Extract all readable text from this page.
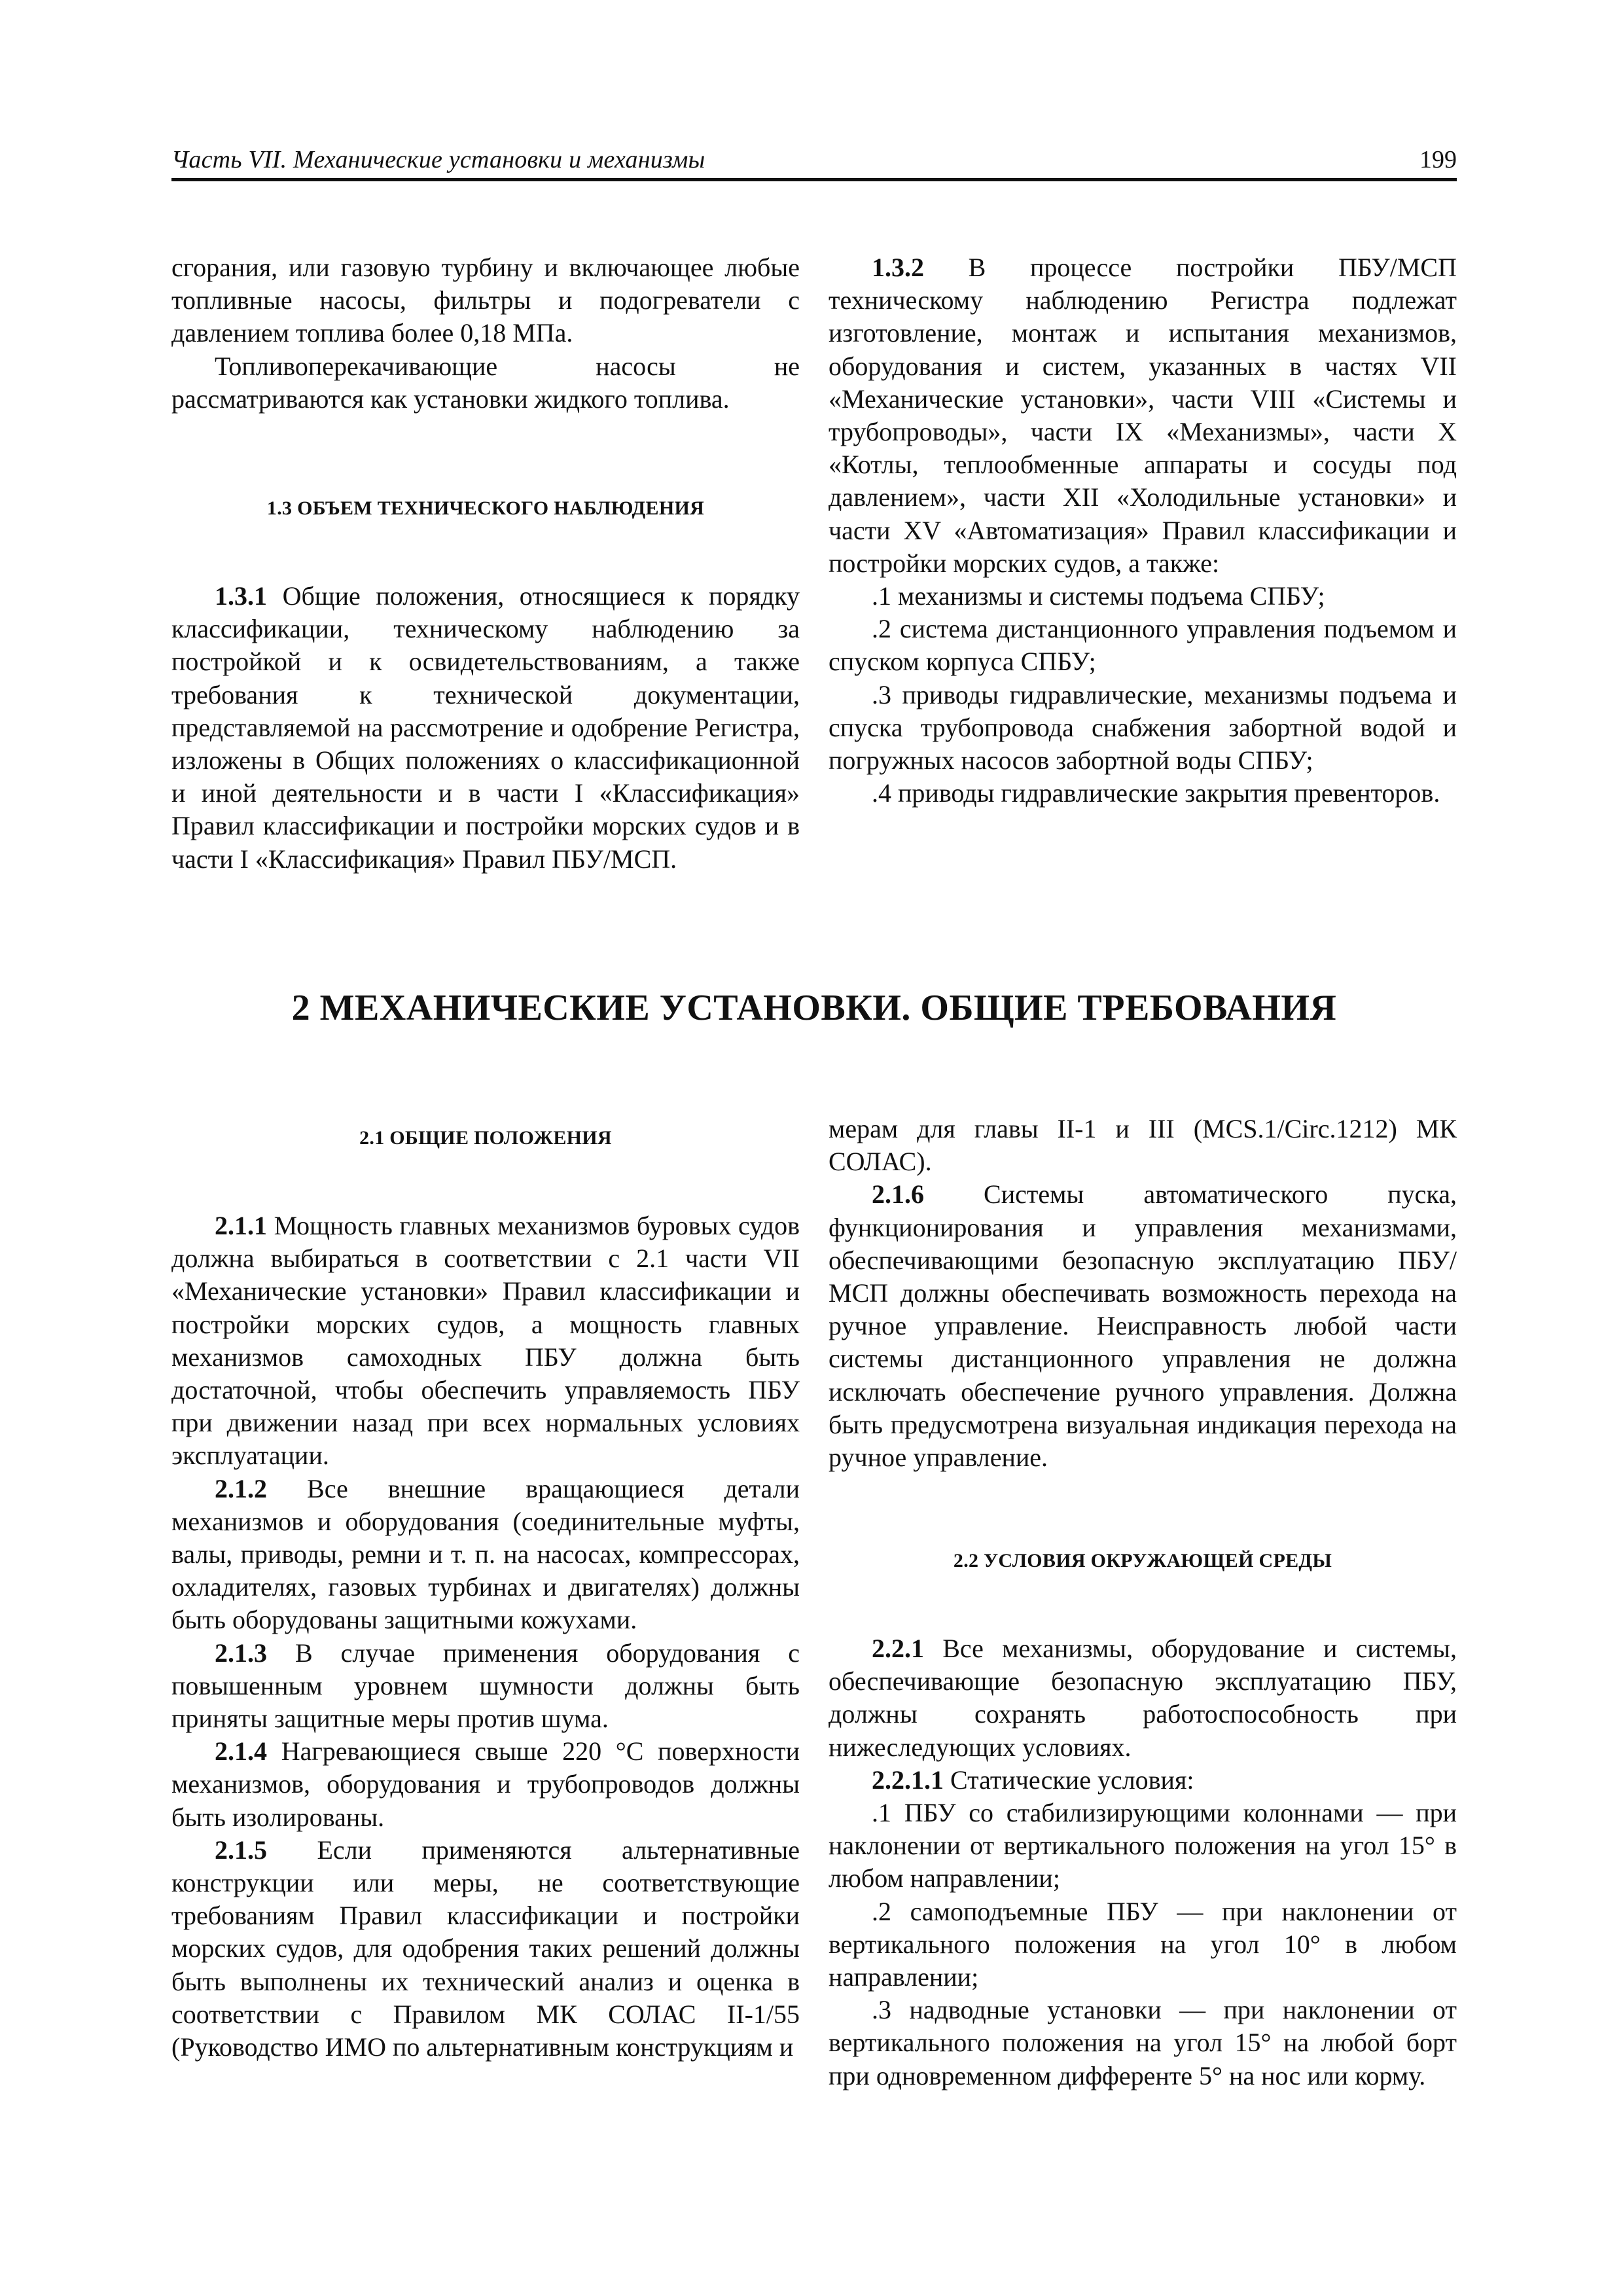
Часть VII. Механические установки и механизмы	199

сгорания, или газовую турбину и включающее любые топливные насосы, фильтры и подогреватели с давлением топлива более 0,18 МПа.

Топливоперекачивающие насосы не рассматриваются как установки жидкого топлива.

1.3 ОБЪЕМ ТЕХНИЧЕСКОГО НАБЛЮДЕНИЯ

1.3.1 Общие положения, относящиеся к порядку классификации, техническому наблюдению за постройкой и к освидетельствованиям, а также требования к технической документации, представляемой на рассмотрение и одобрение Регистра, изложены в Общих положениях о классификационной и иной деятельности и в части I «Классификация» Правил классификации и постройки морских судов и в части I «Классификация» Правил ПБУ/МСП.

1.3.2 В процессе постройки ПБУ/МСП техническому наблюдению Регистра подлежат изготовление, монтаж и испытания механизмов, оборудования и систем, указанных в частях VII «Механические установки», части VIII «Системы и трубопроводы», части IX «Механизмы», части X «Котлы, теплообменные аппараты и сосуды под давлением», части XII «Холодильные установки» и части XV «Автоматизация» Правил классификации и постройки морских судов, а также:

.1 механизмы и системы подъема СПБУ;

.2 система дистанционного управления подъемом и спуском корпуса СПБУ;

.3 приводы гидравлические, механизмы подъема и спуска трубопровода снабжения забортной водой и погружных насосов забортной воды СПБУ;

.4 приводы гидравлические закрытия превенторов.

2 МЕХАНИЧЕСКИЕ УСТАНОВКИ. ОБЩИЕ ТРЕБОВАНИЯ
2.1 ОБЩИЕ ПОЛОЖЕНИЯ

2.1.1 Мощность главных механизмов буровых судов должна выбираться в соответствии с 2.1 части VII «Механические установки» Правил классификации и постройки морских судов, а мощность главных механизмов самоходных ПБУ должна быть достаточной, чтобы обеспечить управляемость ПБУ при движении назад при всех нормальных условиях эксплуатации.

2.1.2 Все внешние вращающиеся детали механизмов и оборудования (соединительные муфты, валы, приводы, ремни и т. п. на насосах, компрессорах, охладителях, газовых турбинах и двигателях) должны быть оборудованы защитными кожухами.

2.1.3 В случае применения оборудования с повышенным уровнем шумности должны быть приняты защитные меры против шума.

2.1.4 Нагревающиеся свыше 220 °С поверхности механизмов, оборудования и трубопроводов должны быть изолированы.

2.1.5 Если применяются альтернативные конструкции или меры, не соответствующие требованиям Правил классификации и постройки морских судов, для одобрения таких решений должны быть выполнены их технический анализ и оценка в соответствии с Правилом МК СОЛАС II-1/55 (Руководство ИМО по альтернативным конструкциям и

мерам для главы II-1 и III (MCS.1/Circ.1212) МК СОЛАС).

2.1.6 Системы автоматического пуска, функционирования и управления механизмами, обеспечивающими безопасную эксплуатацию ПБУ/МСП должны обеспечивать возможность перехода на ручное управление. Неисправность любой части системы дистанционного управления не должна исключать обеспечение ручного управления. Должна быть предусмотрена визуальная индикация перехода на ручное управление.

2.2 УСЛОВИЯ ОКРУЖАЮЩЕЙ СРЕДЫ

2.2.1 Все механизмы, оборудование и системы, обеспечивающие безопасную эксплуатацию ПБУ, должны сохранять работоспособность при нижеследующих условиях.

2.2.1.1 Статические условия:

.1 ПБУ со стабилизирующими колоннами — при наклонении от вертикального положения на угол 15° в любом направлении;

.2 самоподъемные ПБУ — при наклонении от вертикального положения на угол 10° в любом направлении;

.3 надводные установки — при наклонении от вертикального положения на угол 15° на любой борт при одновременном дифференте 5° на нос или корму.
